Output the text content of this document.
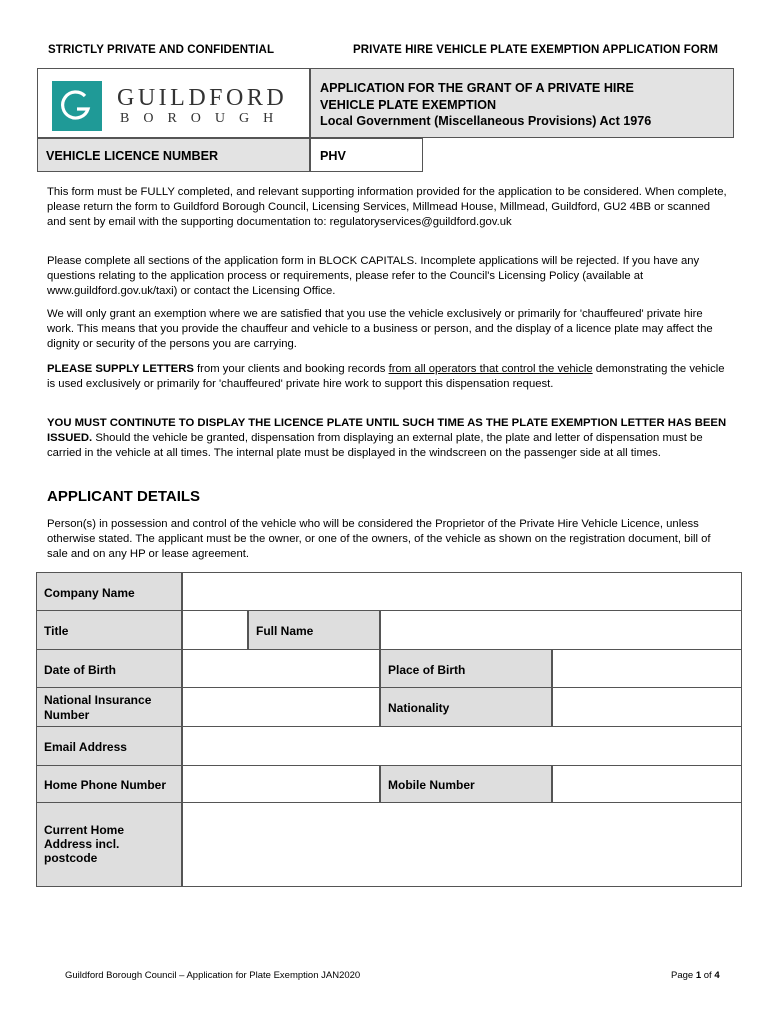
STRICTLY PRIVATE AND CONFIDENTIAL	PRIVATE HIRE VEHICLE PLATE EXEMPTION APPLICATION FORM
GUILDFORD
BOROUGH
APPLICATION FOR THE GRANT OF A PRIVATE HIRE
VEHICLE PLATE EXEMPTION
Local Government (Miscellaneous Provisions) Act 1976
VEHICLE LICENCE NUMBER	PHV

This form must be FULLY completed, and relevant supporting information provided for the application to be considered. When complete, please return the form to Guildford Borough Council, Licensing Services, Millmead House, Millmead, Guildford, GU2 4BB or scanned and sent by email with the supporting documentation to: regulatoryservices@guildford.gov.uk

Please complete all sections of the application form in BLOCK CAPITALS. Incomplete applications will be rejected. If you have any questions relating to the application process or requirements, please refer to the Council's Licensing Policy (available at www.guildford.gov.uk/taxi) or contact the Licensing Office.

We will only grant an exemption where we are satisfied that you use the vehicle exclusively or primarily for 'chauffeured' private hire work. This means that you provide the chauffeur and vehicle to a business or person, and the display of a licence plate may affect the dignity or security of the persons you are carrying.

PLEASE SUPPLY LETTERS from your clients and booking records from all operators that control the vehicle demonstrating the vehicle is used exclusively or primarily for 'chauffeured' private hire work to support this dispensation request.

YOU MUST CONTINUTE TO DISPLAY THE LICENCE PLATE UNTIL SUCH TIME AS THE PLATE EXEMPTION LETTER HAS BEEN ISSUED. Should the vehicle be granted, dispensation from displaying an external plate, the plate and letter of dispensation must be carried in the vehicle at all times. The internal plate must be displayed in the windscreen on the passenger side at all times.

APPLICANT DETAILS

Person(s) in possession and control of the vehicle who will be considered the Proprietor of the Private Hire Vehicle Licence, unless otherwise stated. The applicant must be the owner, or one of the owners, of the vehicle as shown on the registration document, bill of sale and on any HP or lease agreement.

Company Name
Title	Full Name
Date of Birth	Place of Birth
National Insurance
Number	Nationality
Email Address
Home Phone Number	Mobile Number
Current Home
Address incl.
postcode
Guildford Borough Council – Application for Plate Exemption JAN2020	Page 1 of 4
